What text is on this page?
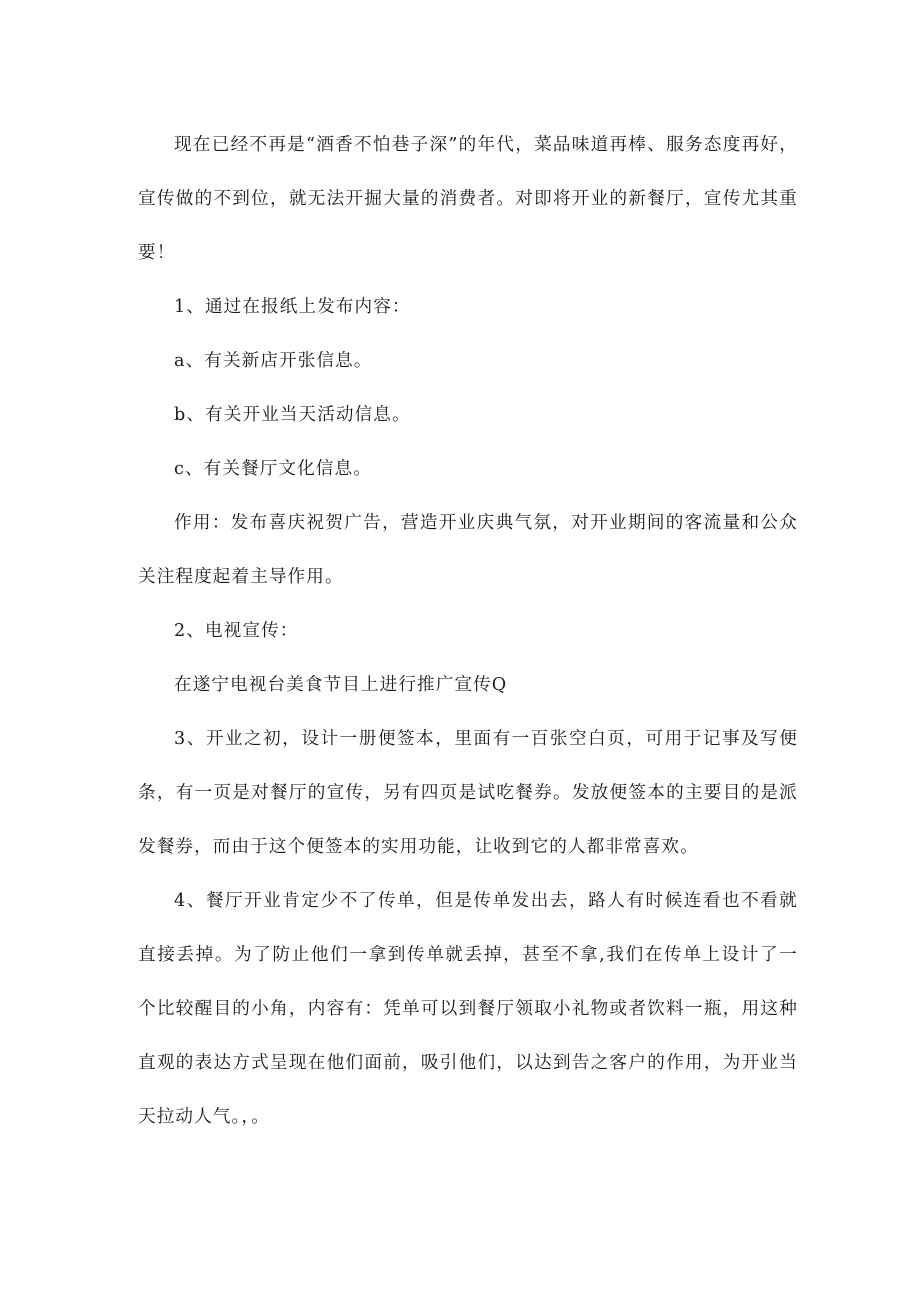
现在已经不再是“酒香不怕巷子深”的年代，菜品味道再棒、服务态度再好，宣传做的不到位，就无法开掘大量的消费者。对即将开业的新餐厅，宣传尤其重要！

1、通过在报纸上发布内容：

a、有关新店开张信息。

b、有关开业当天活动信息。

c、有关餐厅文化信息。

作用：发布喜庆祝贺广告，营造开业庆典气氛，对开业期间的客流量和公众关注程度起着主导作用。

2、电视宣传：

在遂宁电视台美食节目上进行推广宣传Q

3、开业之初，设计一册便签本，里面有一百张空白页，可用于记事及写便条，有一页是对餐厅的宣传，另有四页是试吃餐券。发放便签本的主要目的是派发餐券，而由于这个便签本的实用功能，让收到它的人都非常喜欢。

4、餐厅开业肯定少不了传单，但是传单发出去，路人有时候连看也不看就直接丢掉。为了防止他们一拿到传单就丢掉，甚至不拿,我们在传单上设计了一个比较醒目的小角，内容有：凭单可以到餐厅领取小礼物或者饮料一瓶，用这种直观的表达方式呈现在他们面前，吸引他们，以达到告之客户的作用，为开业当天拉动人气。，。
